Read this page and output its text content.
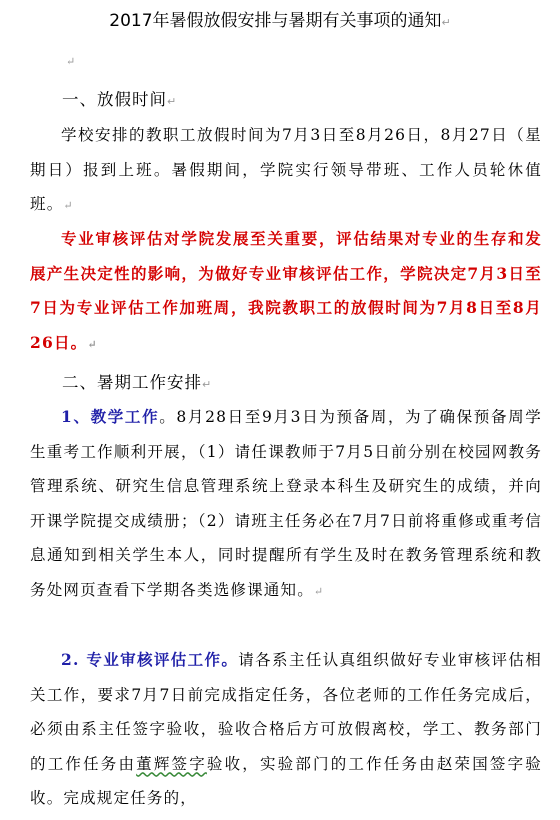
2017年暑假放假安排与暑期有关事项的通知↵
↵
一、放假时间↵
学校安排的教职工放假时间为7月3日至8月26日，8月27日（星期日）报到上班。暑假期间，学院实行领导带班、工作人员轮休值班。↵
专业审核评估对学院发展至关重要，评估结果对专业的生存和发展产生决定性的影响，为做好专业审核评估工作，学院决定7月3日至7日为专业评估工作加班周，我院教职工的放假时间为7月8日至8月26日。↵
二、暑期工作安排↵
1、教学工作。8月28日至9月3日为预备周，为了确保预备周学生重考工作顺利开展，（1）请任课教师于7月5日前分别在校园网教务管理系统、研究生信息管理系统上登录本科生及研究生的成绩，并向开课学院提交成绩册；（2）请班主任务必在7月7日前将重修或重考信息通知到相关学生本人，同时提醒所有学生及时在教务管理系统和教务处网页查看下学期各类选修课通知。↵
2. 专业审核评估工作。请各系主任认真组织做好专业审核评估相关工作，要求7月7日前完成指定任务，各位老师的工作任务完成后，必须由系主任签字验收，验收合格后方可放假离校，学工、教务部门的工作任务由董辉签字验收，实验部门的工作任务由赵荣国签字验收。完成规定任务的，
